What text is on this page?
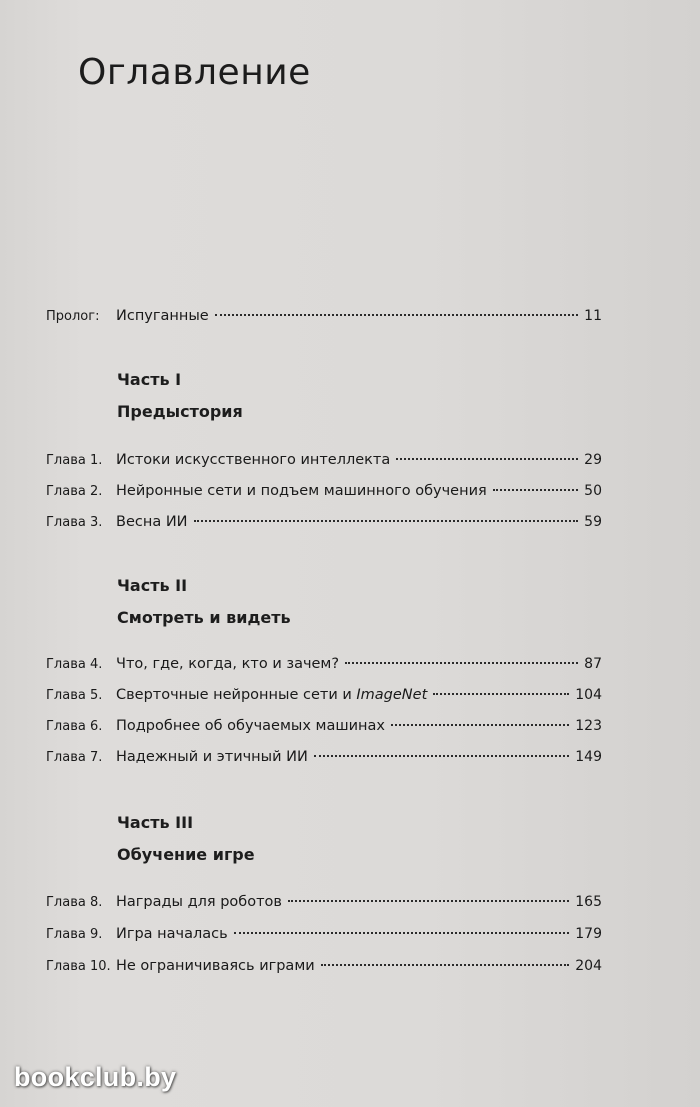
Оглавление
Пролог:	Испуганные	11
Часть I
Предыстория
Глава 1. Истоки искусственного интеллекта	29
Глава 2. Нейронные сети и подъем машинного обучения	50
Глава 3. Весна ИИ	59
Часть II
Смотреть и видеть
Глава 4. Что, где, когда, кто и зачем?	87
Глава 5. Сверточные нейронные сети и ImageNet	104
Глава 6. Подробнее об обучаемых машинах	123
Глава 7. Надежный и этичный ИИ	149
Часть III
Обучение игре
Глава 8. Награды для роботов	165
Глава 9. Игра началась	179
Глава 10. Не ограничиваясь играми	204
bookclub.by
